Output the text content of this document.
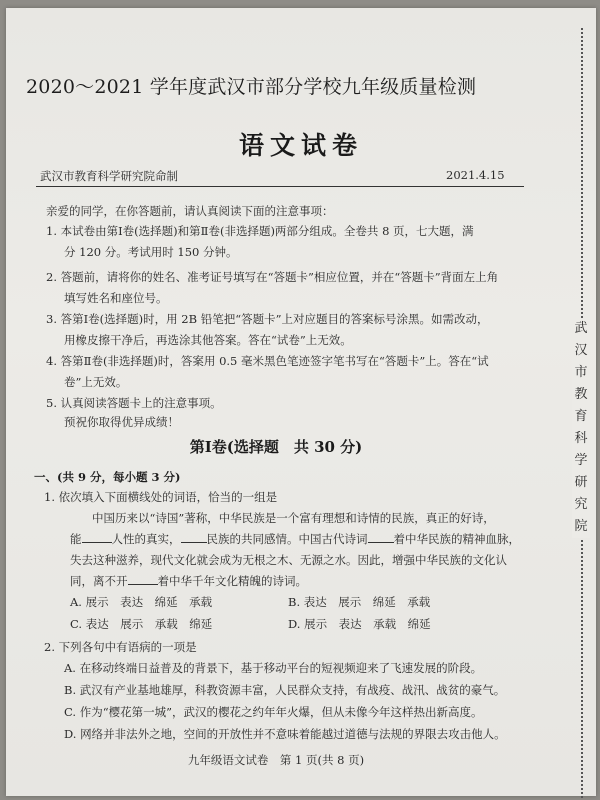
2020～2021 学年度武汉市部分学校九年级质量检测
语文试卷
武汉市教育科学研究院命制	2021.4.15
亲爱的同学，在你答题前，请认真阅读下面的注意事项：
1. 本试卷由第Ⅰ卷(选择题)和第Ⅱ卷(非选择题)两部分组成。全卷共 8 页，七大题，满
分 120 分。考试用时 150 分钟。
2. 答题前，请将你的姓名、准考证号填写在“答题卡”相应位置，并在“答题卡”背面左上角
填写姓名和座位号。
3. 答第Ⅰ卷(选择题)时，用 2B 铅笔把“答题卡”上对应题目的答案标号涂黑。如需改动，
用橡皮擦干净后，再选涂其他答案。答在“试卷”上无效。
4. 答第Ⅱ卷(非选择题)时，答案用 0.5 毫米黑色笔迹签字笔书写在“答题卡”上。答在“试
卷”上无效。
5. 认真阅读答题卡上的注意事项。
预祝你取得优异成绩！
第Ⅰ卷(选择题　共 30 分)
一、(共 9 分，每小题 3 分)
1. 依次填入下面横线处的词语，恰当的一组是
中国历来以“诗国”著称，中华民族是一个富有理想和诗情的民族，真正的好诗，
能	人性的真实， 民族的共同感情。中国古代诗词 着中华民族的精神血脉，
失去这种滋养，现代文化就会成为无根之木、无源之水。因此，增强中华民族的文化认
同，离不开	着中华千年文化精魄的诗词。
A. 展示　表达　绵延　承载	B. 表达　展示　绵延　承载
C. 表达　展示　承载　绵延	D. 展示　表达　承载　绵延
2. 下列各句中有语病的一项是
A. 在移动终端日益普及的背景下，基于移动平台的短视频迎来了飞速发展的阶段。
B. 武汉有产业基地雄厚，科教资源丰富，人民群众支持，有战疫、战汛、战贫的豪气。
C. 作为“樱花第一城”，武汉的樱花之约年年火爆，但从未像今年这样热出新高度。
D. 网络并非法外之地，空间的开放性并不意味着能越过道德与法规的界限去攻击他人。
九年级语文试卷　第 1 页(共 8 页)
武
汉
市
教
育
科
学
研
究
院
